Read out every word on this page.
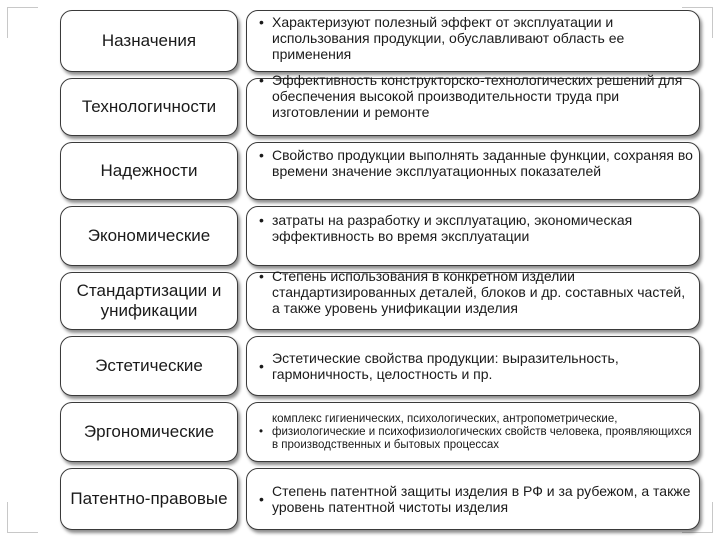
Назначения
• Характеризуют полезный эффект от эксплуатации и использования продукции, обуславливают область ее применения
Технологичности
• Эффективность конструкторско-технологических решений для обеспечения высокой производительности труда при изготовлении и ремонте
Надежности
• Свойство продукции выполнять заданные функции, сохраняя во времени значение эксплуатационных показателей
Экономические
• затраты на разработку и эксплуатацию, экономическая эффективность во время эксплуатации
Стандартизации и унификации
• Степень использования в конкретном изделии стандартизированных деталей, блоков и др. составных частей, а также уровень унификации изделия
Эстетические	• Эстетические свойства продукции: выразительность, гармоничность, целостность и пр.
Эргономические	•
комплекс гигиенических, психологических, антропометрические, физиологические и психофизиологических свойств человека, проявляющихся в производственных и бытовых процессах
Патентно-правовые • Степень патентной защиты изделия в РФ и за рубежом, а также уровень патентной чистоты изделия
